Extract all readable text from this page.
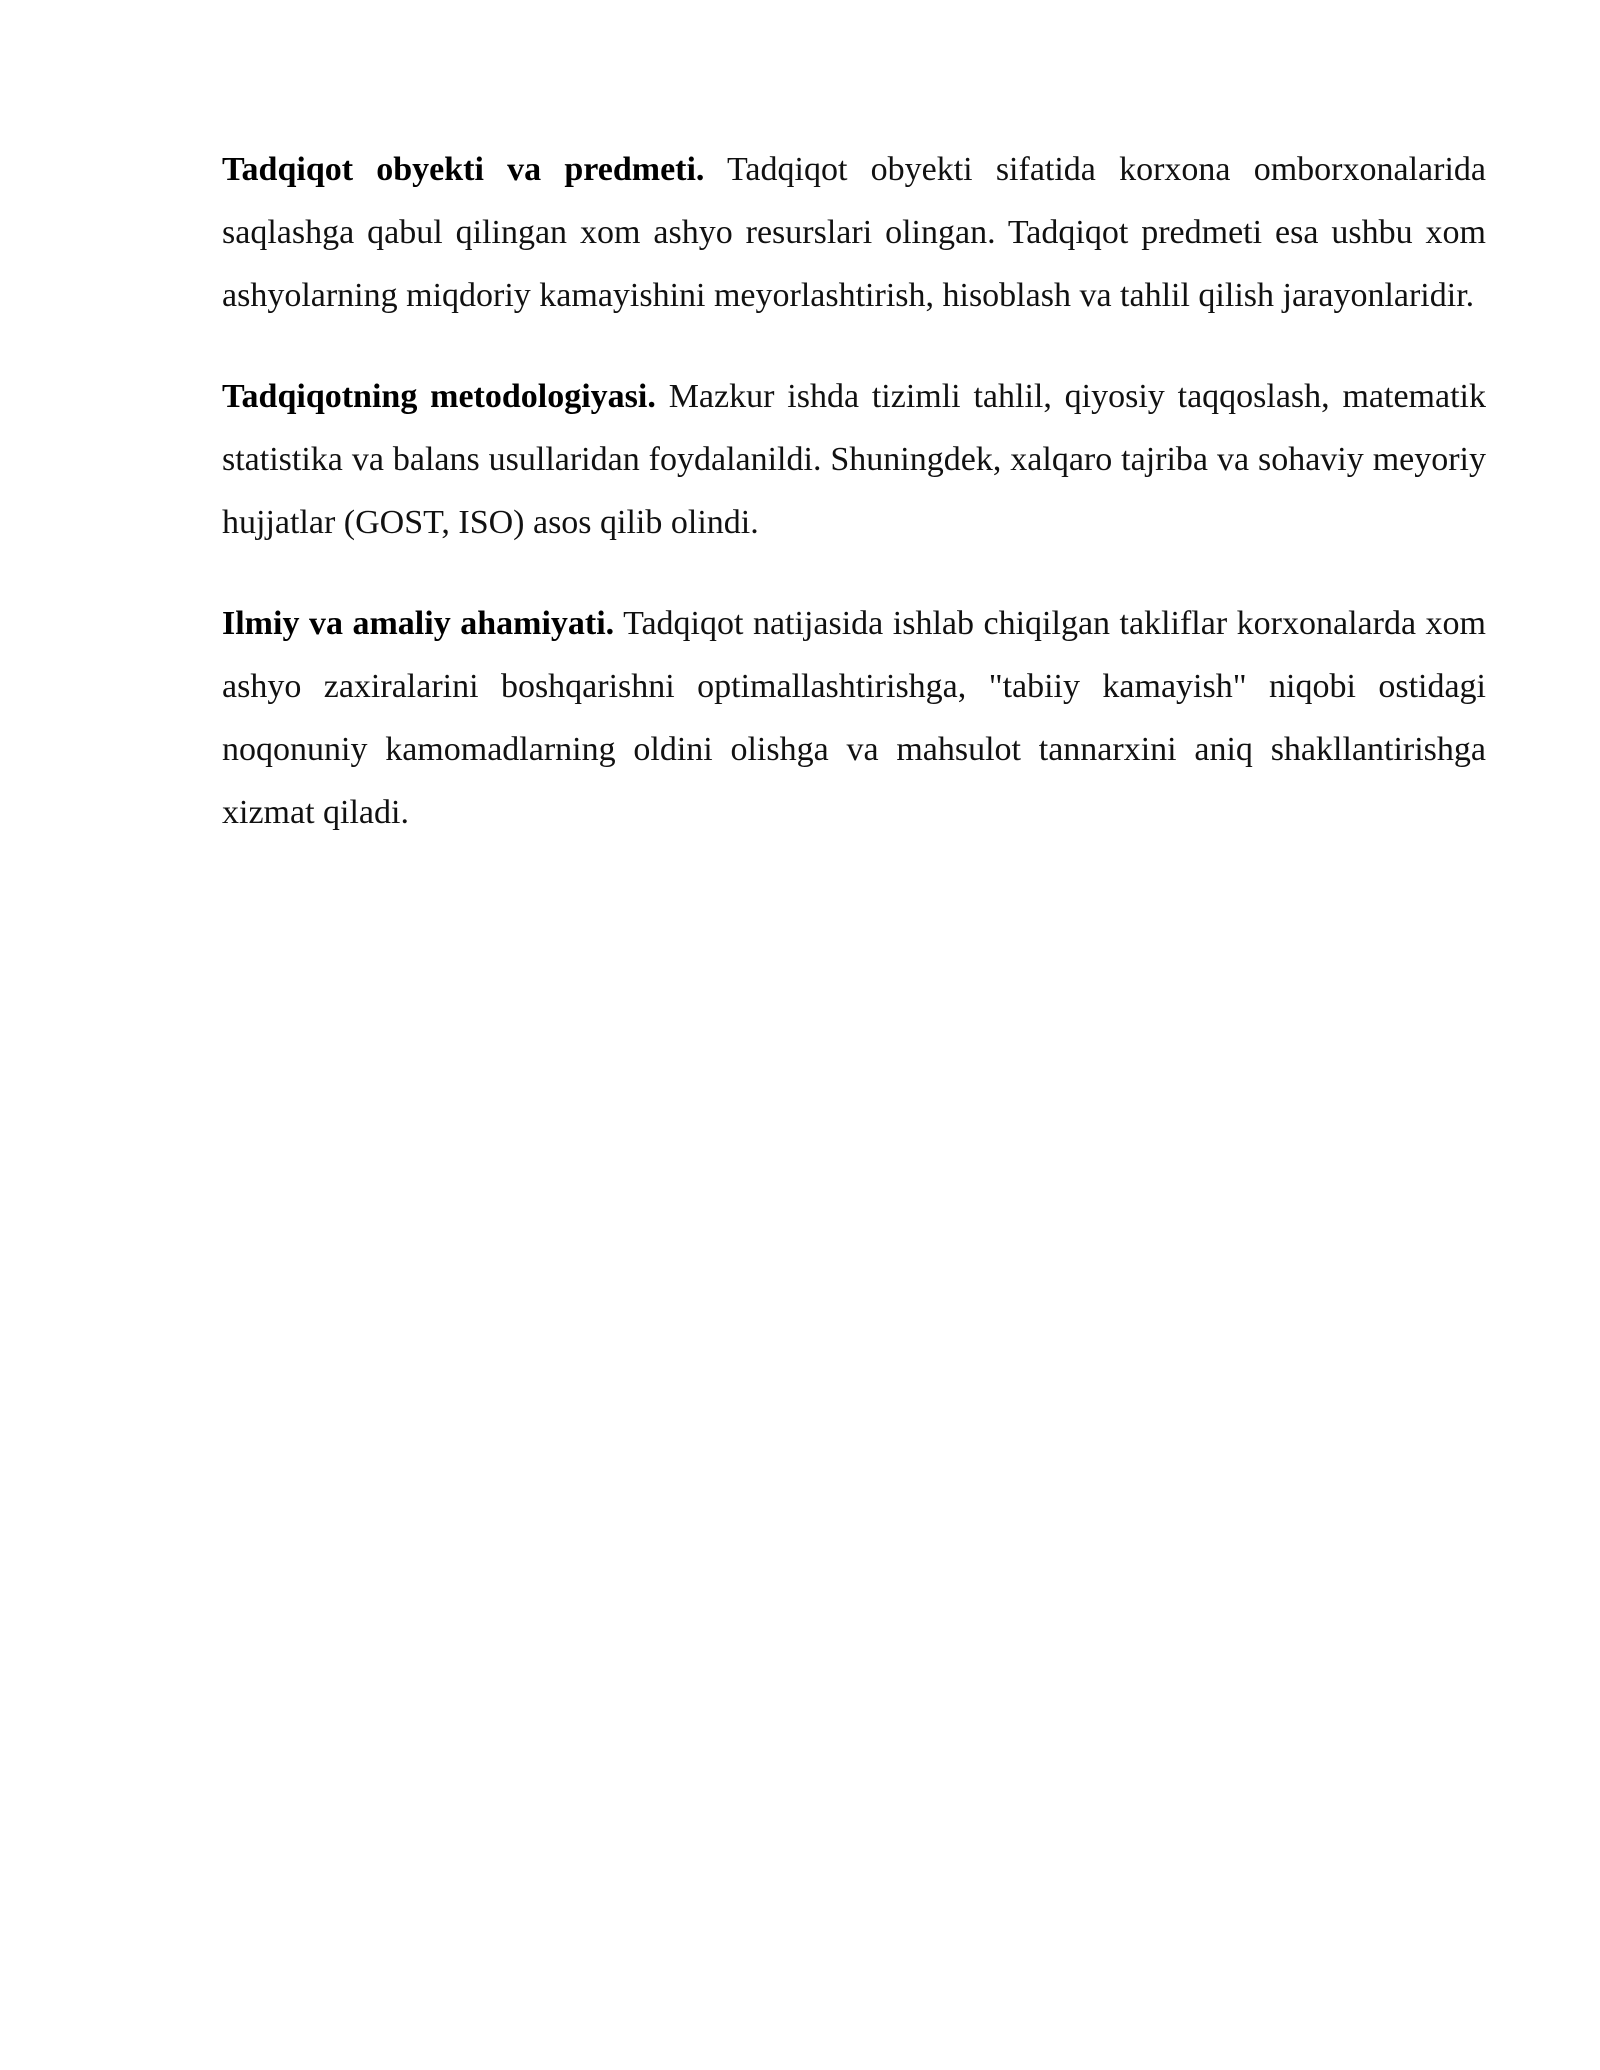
Tadqiqot obyekti va predmeti. Tadqiqot obyekti sifatida korxona omborxonalarida saqlashga qabul qilingan xom ashyo resurslari olingan. Tadqiqot predmeti esa ushbu xom ashyolarning miqdoriy kamayishini meyorlashtirish, hisoblash va tahlil qilish jarayonlaridir.

Tadqiqotning metodologiyasi. Mazkur ishda tizimli tahlil, qiyosiy taqqoslash, matematik statistika va balans usullaridan foydalanildi. Shuningdek, xalqaro tajriba va sohaviy meyoriy hujjatlar (GOST, ISO) asos qilib olindi.

Ilmiy va amaliy ahamiyati. Tadqiqot natijasida ishlab chiqilgan takliflar korxonalarda xom ashyo zaxiralarini boshqarishni optimallashtirishga, "tabiiy kamayish" niqobi ostidagi noqonuniy kamomadlarning oldini olishga va mahsulot tannarxini aniq shakllantirishga xizmat qiladi.
